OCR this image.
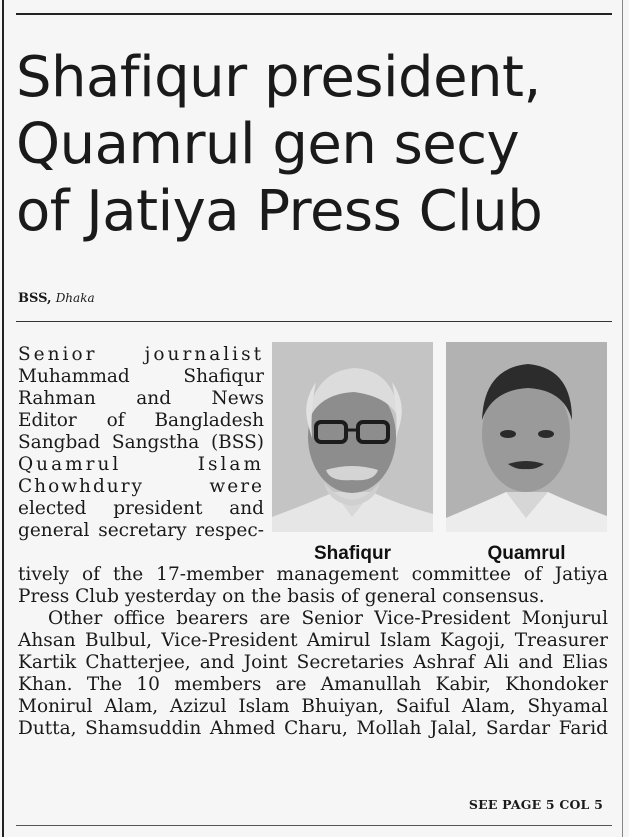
Shafiqur president,
Quamrul gen secy
of Jatiya Press Club
BSS, Dhaka

Senior journalist
Muhammad Shafiqur
Rahman and News
Editor of Bangladesh
Sangbad Sangstha (BSS)
Quamrul Islam
Chowhdury were
elected president and
general secretary respec-

Shafiqur	Quamrul

tively of the 17-member management committee of Jatiya
Press Club yesterday on the basis of general consensus.
Other office bearers are Senior Vice-President Monjurul
Ahsan Bulbul, Vice-President Amirul Islam Kagoji, Treasurer
Kartik Chatterjee, and Joint Secretaries Ashraf Ali and Elias
Khan. The 10 members are Amanullah Kabir, Khondoker
Monirul Alam, Azizul Islam Bhuiyan, Saiful Alam, Shyamal
Dutta, Shamsuddin Ahmed Charu, Mollah Jalal, Sardar Farid

SEE PAGE 5 COL 5
